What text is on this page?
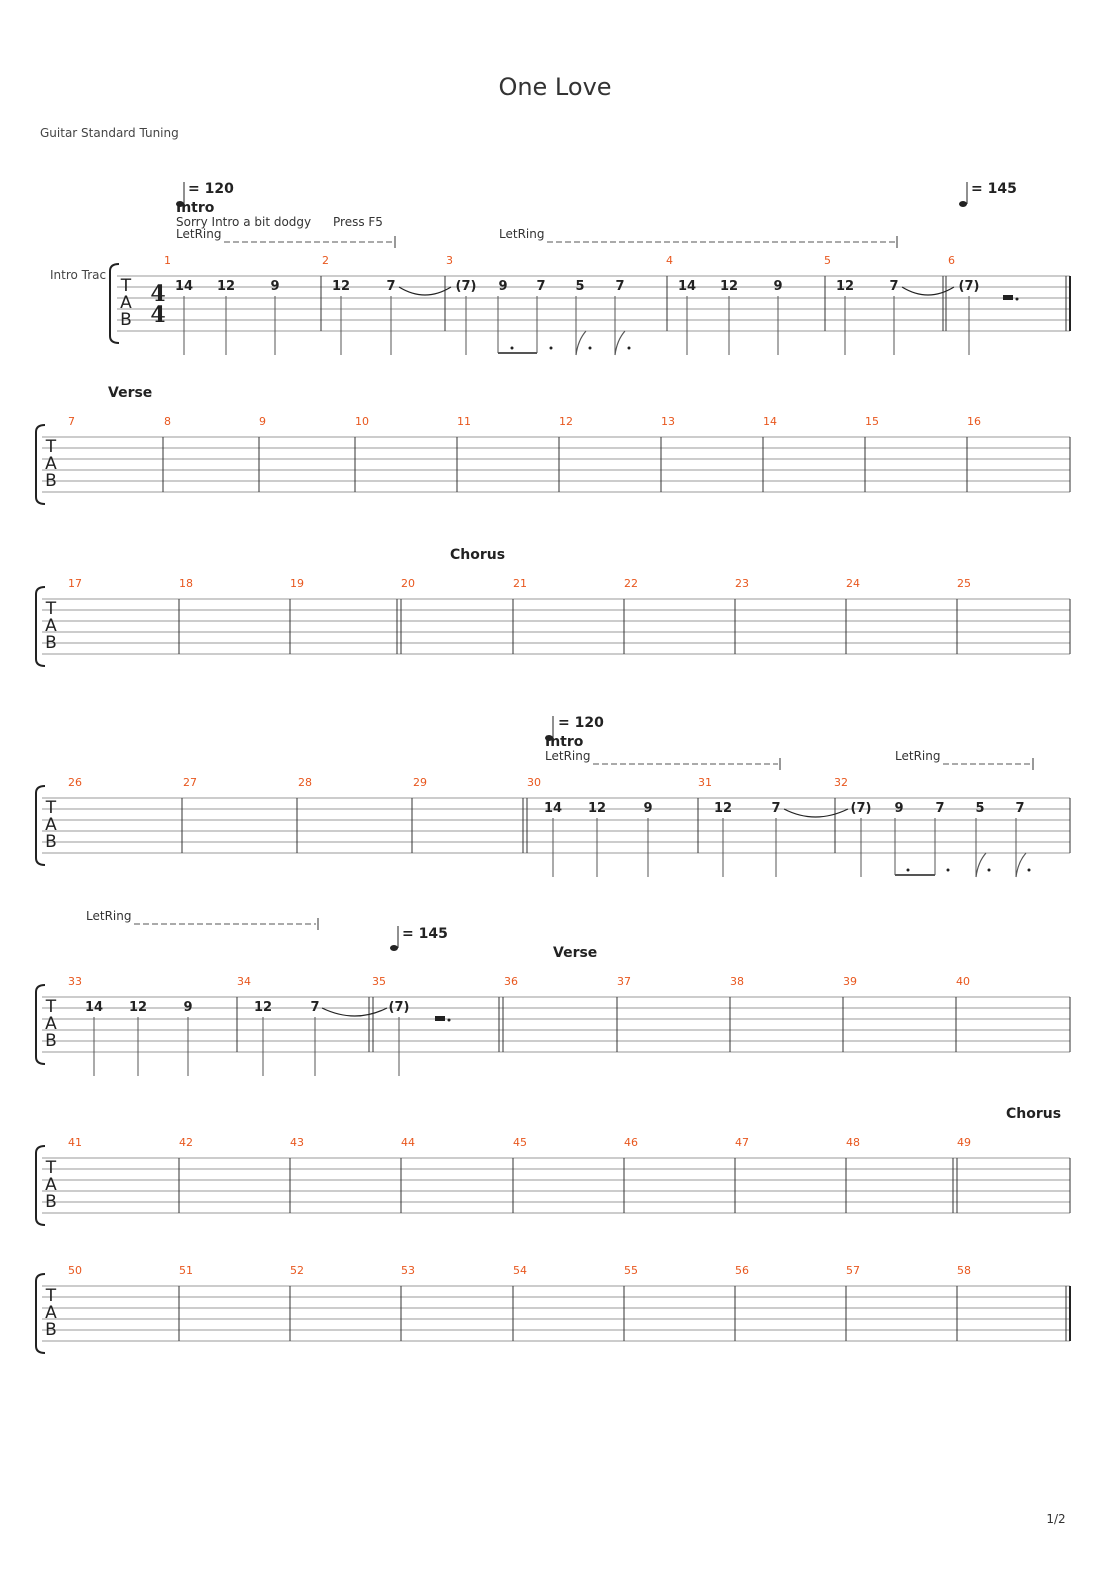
One Love
Guitar Standard Tuning
1/2
Intro Trac
T
A
B
4
4
1	2	3	4	5	6
= 120
Intro
Sorry Intro a bit dodgy Press F5
LetRing	LetRing
= 145
14 12	9	12	7	(7) 9 7 5 7	14 12	9	12	7	(7)
Verse
T
A
B
7	8	9	10	11	12	13	14	15	16
Chorus
T
A
B
17	18	19	20	21	22	23	24	25
= 120
Intro
LetRing	LetRing
T
A
B
26	27	28	29	30	31	32
14 12	9	12	7	(7) 9 7 5 7
LetRing
= 145
Verse
T
A
B
33	34	35	36	37	38	39	40
14 12	9	12	7	(7)
Chorus
T
A
B
41	42	43	44	45	46	47	48	49
T
A
B
50	51	52	53	54	55	56	57	58
